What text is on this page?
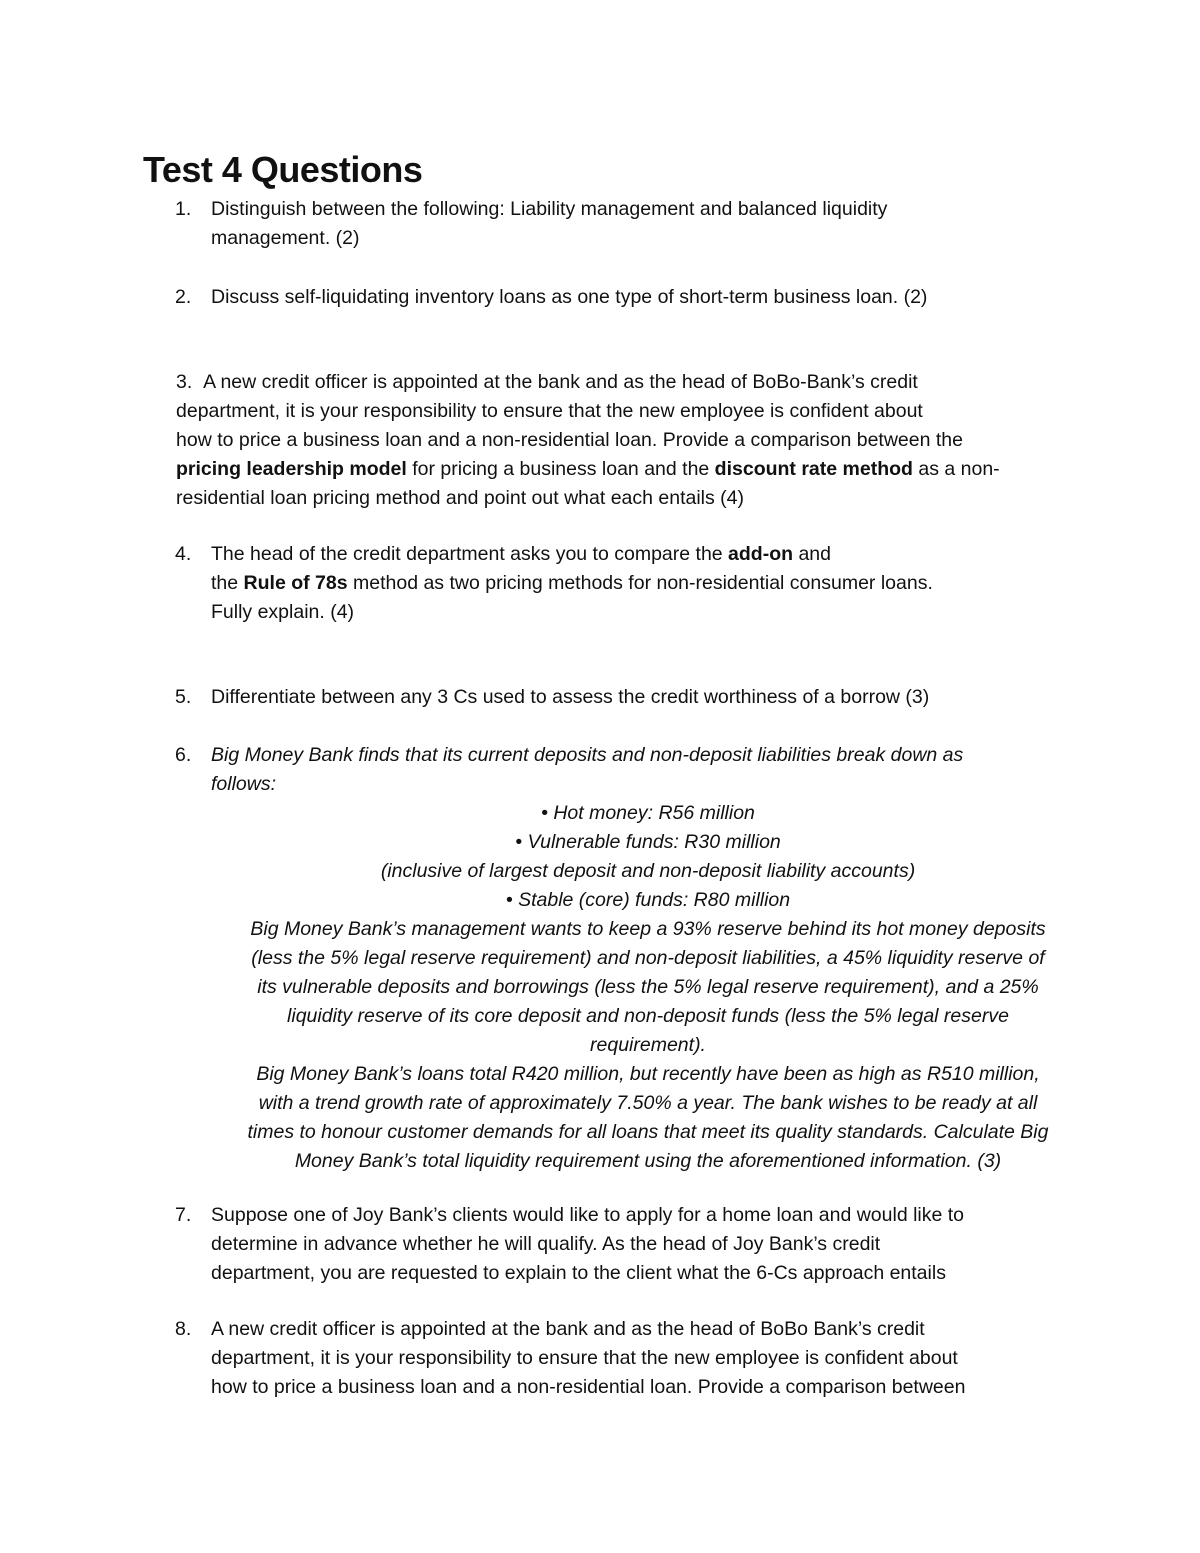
Test 4 Questions
1.	Distinguish between the following: Liability management and balanced liquidity
management. (2)
2.	Discuss self-liquidating inventory loans as one type of short-term business loan. (2)
3. A new credit officer is appointed at the bank and as the head of BoBo-Bank’s credit
department, it is your responsibility to ensure that the new employee is confident about
how to price a business loan and a non-residential loan. Provide a comparison between the
pricing leadership model for pricing a business loan and the discount rate method as a non-
residential loan pricing method and point out what each entails (4)
4.	The head of the credit department asks you to compare the add-on and
the Rule of 78s method as two pricing methods for non-residential consumer loans.
Fully explain. (4)
5.	Differentiate between any 3 Cs used to assess the credit worthiness of a borrow (3)
6.	Big Money Bank finds that its current deposits and non-deposit liabilities break down as
follows:
• Hot money: R56 million
• Vulnerable funds: R30 million
(inclusive of largest deposit and non-deposit liability accounts)
• Stable (core) funds: R80 million
Big Money Bank’s management wants to keep a 93% reserve behind its hot money deposits
(less the 5% legal reserve requirement) and non-deposit liabilities, a 45% liquidity reserve of
its vulnerable deposits and borrowings (less the 5% legal reserve requirement), and a 25%
liquidity reserve of its core deposit and non-deposit funds (less the 5% legal reserve
requirement).
Big Money Bank’s loans total R420 million, but recently have been as high as R510 million,
with a trend growth rate of approximately 7.50% a year. The bank wishes to be ready at all
times to honour customer demands for all loans that meet its quality standards. Calculate Big
Money Bank’s total liquidity requirement using the aforementioned information. (3)
7.	Suppose one of Joy Bank’s clients would like to apply for a home loan and would like to
determine in advance whether he will qualify. As the head of Joy Bank’s credit
department, you are requested to explain to the client what the 6-Cs approach entails
8.	A new credit officer is appointed at the bank and as the head of BoBo Bank’s credit
department, it is your responsibility to ensure that the new employee is confident about
how to price a business loan and a non-residential loan. Provide a comparison between
